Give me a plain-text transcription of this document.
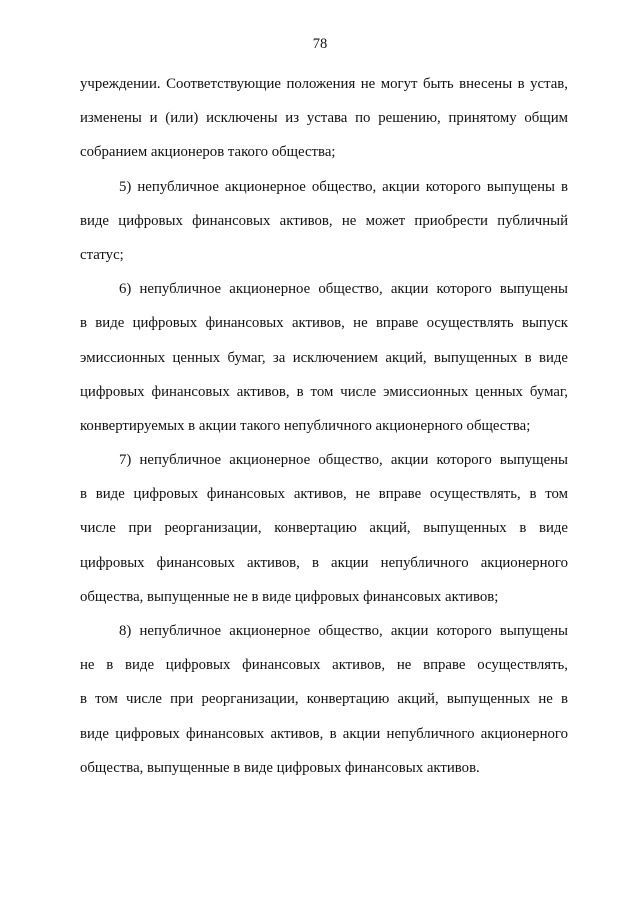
78
учреждении. Соответствующие положения не могут быть внесены в устав,
изменены и (или) исключены из устава по решению, принятому общим
собранием акционеров такого общества;
5) непубличное акционерное общество, акции которого выпущены в
виде цифровых финансовых активов, не может приобрести публичный
статус;
6) непубличное акционерное общество, акции которого выпущены
в виде цифровых финансовых активов, не вправе осуществлять выпуск
эмиссионных ценных бумаг, за исключением акций, выпущенных в виде
цифровых финансовых активов, в том числе эмиссионных ценных бумаг,
конвертируемых в акции такого непубличного акционерного общества;
7) непубличное акционерное общество, акции которого выпущены
в виде цифровых финансовых активов, не вправе осуществлять, в том
числе при реорганизации, конвертацию акций, выпущенных в виде
цифровых финансовых активов, в акции непубличного акционерного
общества, выпущенные не в виде цифровых финансовых активов;
8) непубличное акционерное общество, акции которого выпущены
не в виде цифровых финансовых активов, не вправе осуществлять,
в том числе при реорганизации, конвертацию акций, выпущенных не в
виде цифровых финансовых активов, в акции непубличного акционерного
общества, выпущенные в виде цифровых финансовых активов.
